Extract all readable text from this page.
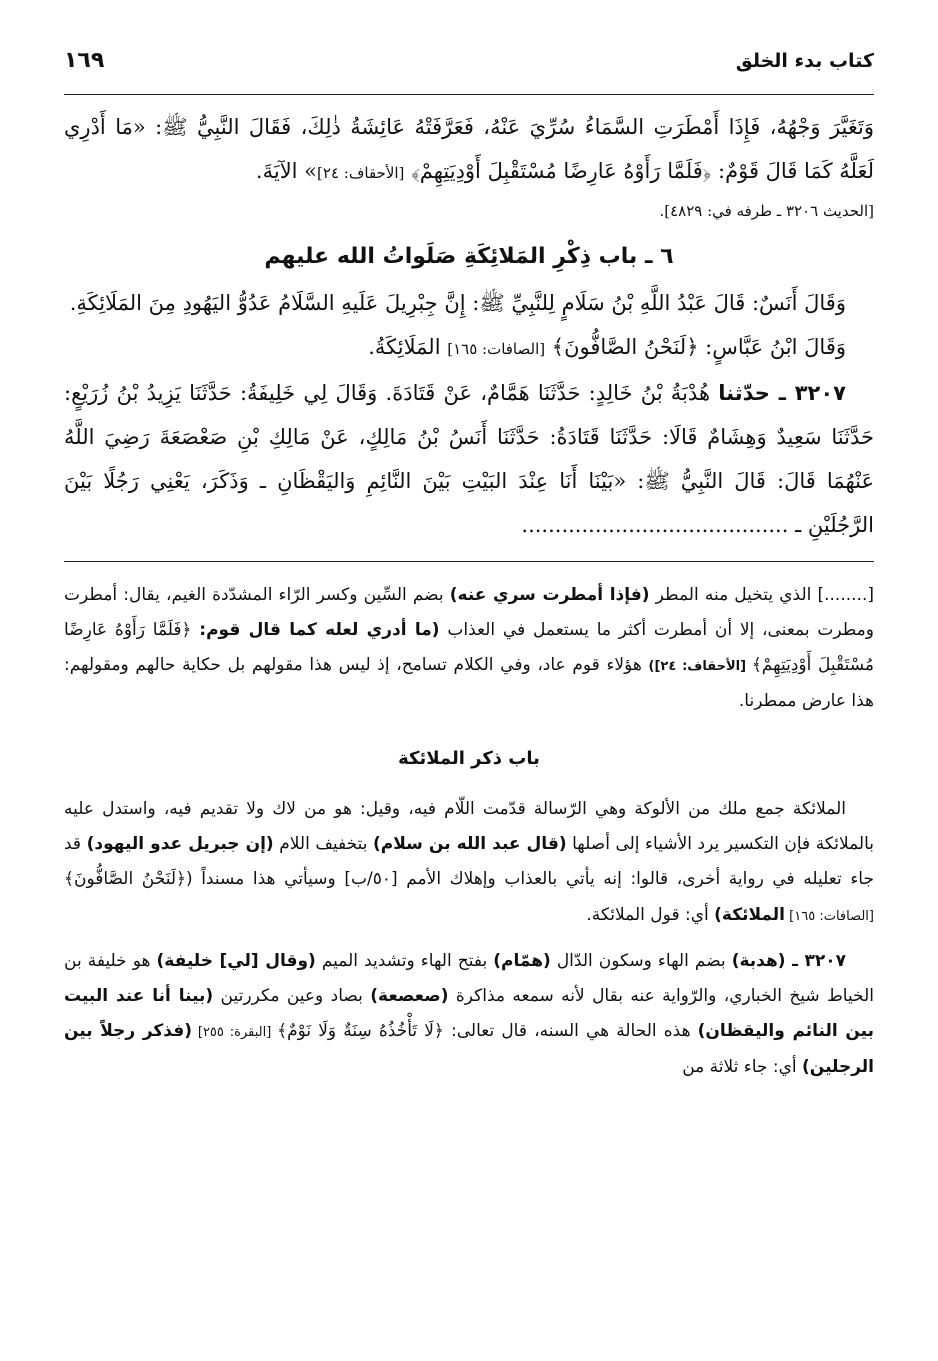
كتاب بدء الخلق
١٦٩

وَتَغَيَّرَ وَجْهُهُ، فَإِذَا أَمْطَرَتِ السَّمَاءُ سُرِّيَ عَنْهُ، فَعَرَّفَتْهُ عَائِشَةُ ذٰلِكَ، فَقَالَ النَّبِيُّ ﷺ: «مَا أَدْرِي لَعَلَّهُ كَمَا قَالَ قَوْمٌ: ﴿فَلَمَّا رَأَوْهُ عَارِضًا مُسْتَقْبِلَ أَوْدِيَتِهِمْ﴾ [الأحقاف: ٢٤]» الآيَةَ.

[الحديث ٣٢٠٦ ـ طرفه في: ٤٨٢٩].
٦ ـ باب ذِكْرِ المَلائِكَةِ صَلَواتُ الله عليهم

وَقَالَ أَنَسٌ: قَالَ عَبْدُ اللَّهِ بْنُ سَلَامٍ لِلنَّبِيِّ ﷺ: إِنَّ جِبْرِيلَ عَلَيهِ السَّلَامُ عَدُوُّ اليَهُودِ مِنَ المَلَائِكَةِ.

وَقَالَ ابْنُ عَبَّاسٍ: ﴿لَنَحْنُ الصَّافُّونَ﴾ [الصافات: ١٦٥] المَلَائِكَةُ.

٣٢٠٧ ـ حدّثنا هُدْبَةُ بْنُ خَالِدٍ: حَدَّثَنَا هَمَّامٌ، عَنْ قَتَادَةَ. وَقَالَ لِي خَلِيفَةُ: حَدَّثَنَا يَزِيدُ بْنُ زُرَيْعٍ: حَدَّثَنَا سَعِيدٌ وَهِشَامٌ قَالَا: حَدَّثَنَا قَتَادَةُ: حَدَّثَنَا أَنَسُ بْنُ مَالِكٍ، عَنْ مَالِكِ بْنِ صَعْصَعَةَ رَضِيَ اللَّهُ عَنْهُمَا قَالَ: قَالَ النَّبِيُّ ﷺ: «بَيْنَا أَنَا عِنْدَ البَيْتِ بَيْنَ النَّائِمِ وَاليَقْظَانِ ـ وَذَكَرَ، يَعْنِي رَجُلًا بَيْنَ الرَّجُلَيْنِ ـ ........................................

[........] الذي يتخيل منه المطر (فإذا أمطرت سري عنه) بضم السِّين وكسر الرّاء المشدّدة الغيم، يقال: أمطرت ومطرت بمعنى، إلا أن أمطرت أكثر ما يستعمل في العذاب (ما أدري لعله كما قال قوم: ﴿فَلَمَّا رَأَوْهُ عَارِضًا مُسْتَقْبِلَ أَوْدِيَتِهِمْ﴾ [الأحقاف: ٢٤]) هؤلاء قوم عاد، وفي الكلام تسامح، إذ ليس هذا مقولهم بل حكاية حالهم ومقولهم: هذا عارض ممطرنا.

باب ذكر الملائكة

الملائكة جمع ملك من الألوكة وهي الرّسالة قدّمت اللّام فيه، وقيل: هو من لاك ولا تقديم فيه، واستدل عليه بالملائكة فإن التكسير يرد الأشياء إلى أصلها (قال عبد الله بن سلام) بتخفيف اللام (إن جبريل عدو اليهود) قد جاء تعليله في رواية أخرى، قالوا: إنه يأتي بالعذاب وإهلاك الأمم [٥٠/ب] وسيأتي هذا مسنداً (﴿لَنَحْنُ الصَّافُّونَ﴾ [الصافات: ١٦٥] الملائكة) أي: قول الملائكة.

٣٢٠٧ ـ (هدبة) بضم الهاء وسكون الدّال (همّام) بفتح الهاء وتشديد الميم (وقال [لي] خليفة) هو خليفة بن الخياط شيخ الخباري، والرّواية عنه بقال لأنه سمعه مذاكرة (صعصعة) بصاد وعين مكررتين (بينا أنا عند البيت بين النائم واليقظان) هذه الحالة هي السنه، قال تعالى: ﴿لَا تَأْخُذُهُ سِنَةٌ وَلَا نَوْمٌ﴾ [البقرة: ٢٥٥] (فذكر رجلاً بين الرجلين) أي: جاء ثلاثة من
